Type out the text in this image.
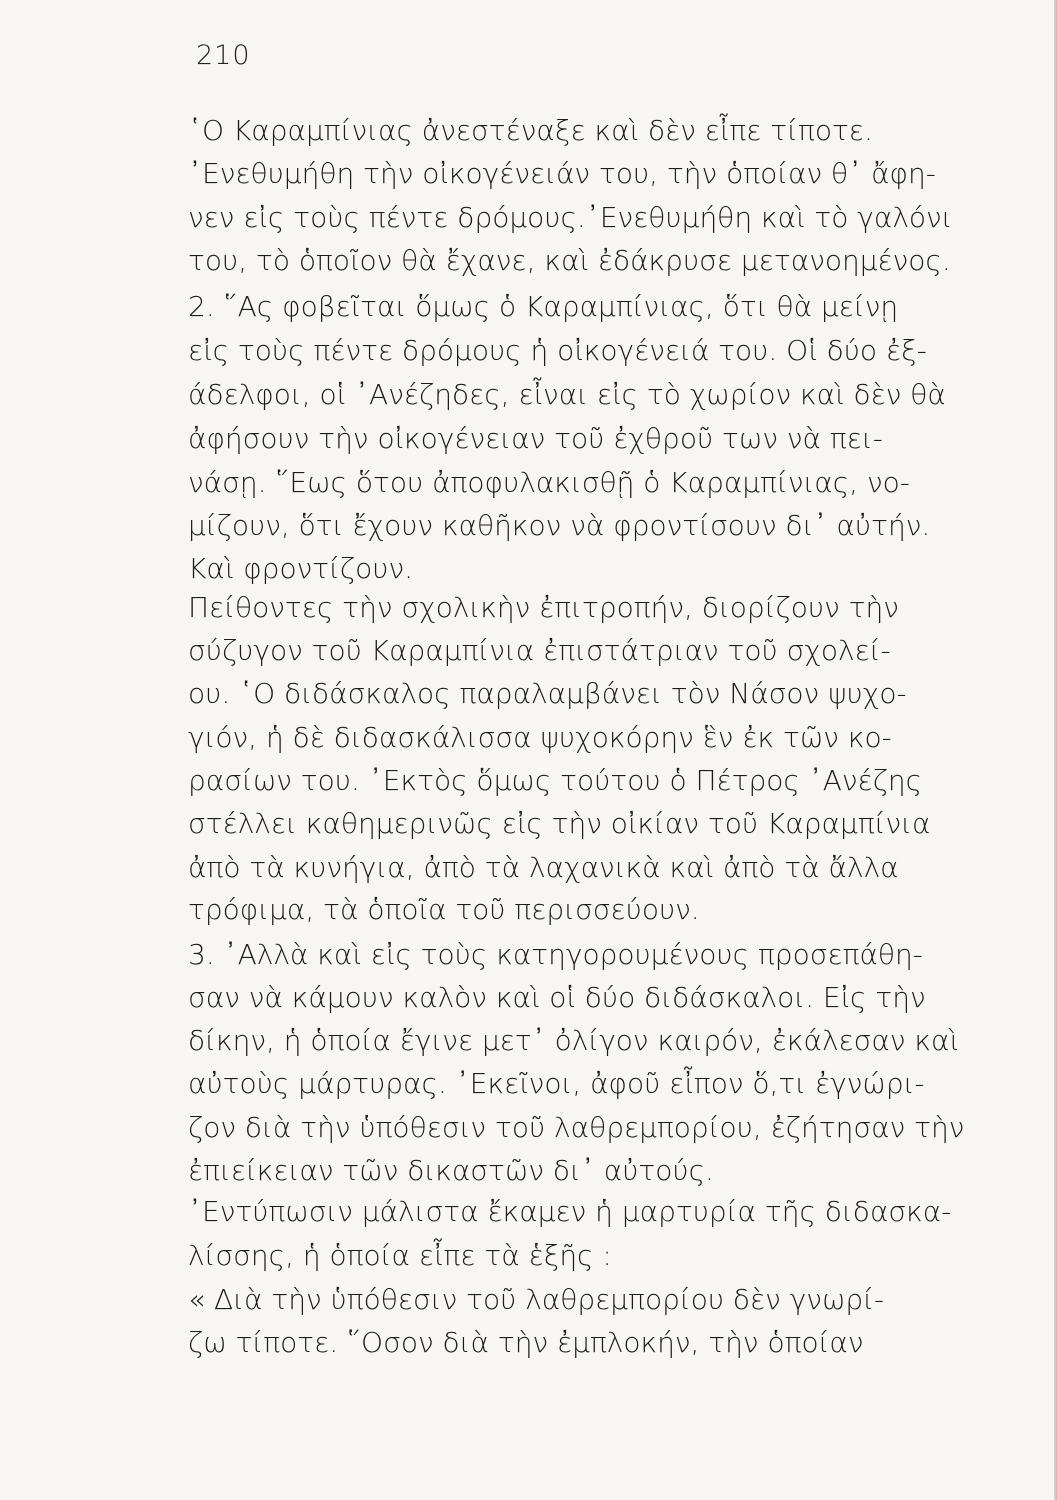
210
῾Ο Καραμπίνιας ἀνεστέναξε καὶ δὲν εἶπε τίποτε.
᾿Ενεθυμήθη τὴν οἰκογένειάν του, τὴν ὁποίαν θ᾿ ἄφη-
νεν εἰς τοὺς πέντε δρόμους.᾿Ενεθυμήθη καὶ τὸ γαλόνι
του, τὸ ὁποῖον θὰ ἔχανε, καὶ ἐδάκρυσε μετανοημένος.
2. ῞Ας φοβεῖται ὅμως ὁ Καραμπίνιας, ὅτι θὰ μείνῃ
εἰς τοὺς πέντε δρόμους ἡ οἰκογένειά του. Οἱ δύο ἐξ-
άδελφοι, οἱ ᾿Ανέζηδες, εἶναι εἰς τὸ χωρίον καὶ δὲν θὰ
ἀφήσουν τὴν οἰκογένειαν τοῦ ἐχθροῦ των νὰ πει-
νάσῃ. ῞Εως ὅτου ἀποφυλακισθῇ ὁ Καραμπίνιας, νο-
μίζουν, ὅτι ἔχουν καθῆκον νὰ φροντίσουν δι᾿ αὐτήν.
Καὶ φροντίζουν.
Πείθοντες τὴν σχολικὴν ἐπιτροπήν, διορίζουν τὴν
σύζυγον τοῦ Καραμπίνια ἐπιστάτριαν τοῦ σχολεί-
ου. ῾Ο διδάσκαλος παραλαμβάνει τὸν Νάσον ψυχο-
γιόν, ἡ δὲ διδασκάλισσα ψυχοκόρην ἓν ἐκ τῶν κο-
ρασίων του. ᾿Εκτὸς ὅμως τούτου ὁ Πέτρος ᾿Ανέζης
στέλλει καθημερινῶς εἰς τὴν οἰκίαν τοῦ Καραμπίνια
ἀπὸ τὰ κυνήγια, ἀπὸ τὰ λαχανικὰ καὶ ἀπὸ τὰ ἄλλα
τρόφιμα, τὰ ὁποῖα τοῦ περισσεύουν.
3. ᾿Αλλὰ καὶ εἰς τοὺς κατηγορουμένους προσεπάθη-
σαν νὰ κάμουν καλὸν καὶ οἱ δύο διδάσκαλοι. Εἰς τὴν
δίκην, ἡ ὁποία ἔγινε μετ᾿ ὀλίγον καιρόν, ἐκάλεσαν καὶ
αὐτοὺς μάρτυρας. ᾿Εκεῖνοι, ἀφοῦ εἶπον ὅ,τι ἐγνώρι-
ζον διὰ τὴν ὑπόθεσιν τοῦ λαθρεμπορίου, ἐζήτησαν τὴν
ἐπιείκειαν τῶν δικαστῶν δι᾿ αὐτούς.
᾿Εντύπωσιν μάλιστα ἔκαμεν ἡ μαρτυρία τῆς διδασκα-
λίσσης, ἡ ὁποία εἶπε τὰ ἑξῆς :
« Διὰ τὴν ὑπόθεσιν τοῦ λαθρεμπορίου δὲν γνωρί-
ζω τίποτε. ῞Οσον διὰ τὴν ἐμπλοκήν, τὴν ὁποίαν
